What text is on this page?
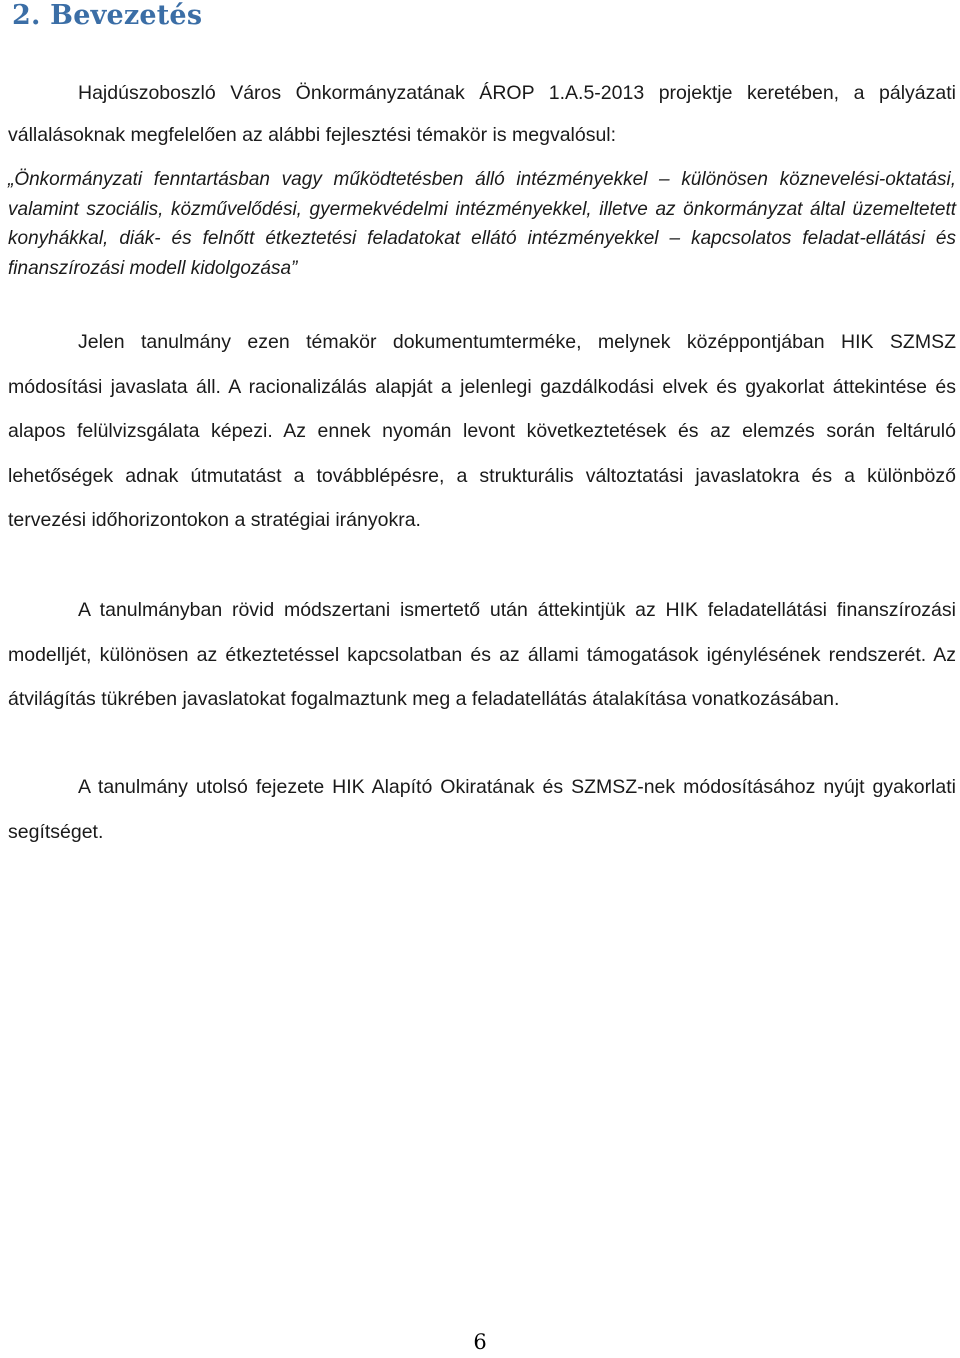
2. Bevezetés

Hajdúszoboszló Város Önkormányzatának ÁROP 1.A.5-2013 projektje keretében, a pályázati vállalásoknak megfelelően az alábbi fejlesztési témakör is megvalósul:

„Önkormányzati fenntartásban vagy működtetésben álló intézményekkel – különösen köznevelési-oktatási, valamint szociális, közművelődési, gyermekvédelmi intézményekkel, illetve az önkormányzat által üzemeltetett konyhákkal, diák- és felnőtt étkeztetési feladatokat ellátó intézményekkel – kapcsolatos feladat-ellátási és finanszírozási modell kidolgozása”

Jelen tanulmány ezen témakör dokumentumterméke, melynek középpontjában HIK SZMSZ módosítási javaslata áll. A racionalizálás alapját a jelenlegi gazdálkodási elvek és gyakorlat áttekintése és alapos felülvizsgálata képezi. Az ennek nyomán levont következtetések és az elemzés során feltáruló lehetőségek adnak útmutatást a továbblépésre, a strukturális változtatási javaslatokra és a különböző tervezési időhorizontokon a stratégiai irányokra.

A tanulmányban rövid módszertani ismertető után áttekintjük az HIK feladatellátási finanszírozási modelljét, különösen az étkeztetéssel kapcsolatban és az állami támogatások igénylésének rendszerét. Az átvilágítás tükrében javaslatokat fogalmaztunk meg a feladatellátás átalakítása vonatkozásában.

A tanulmány utolsó fejezete HIK Alapító Okiratának és SZMSZ-nek módosításához nyújt gyakorlati segítséget.

6
